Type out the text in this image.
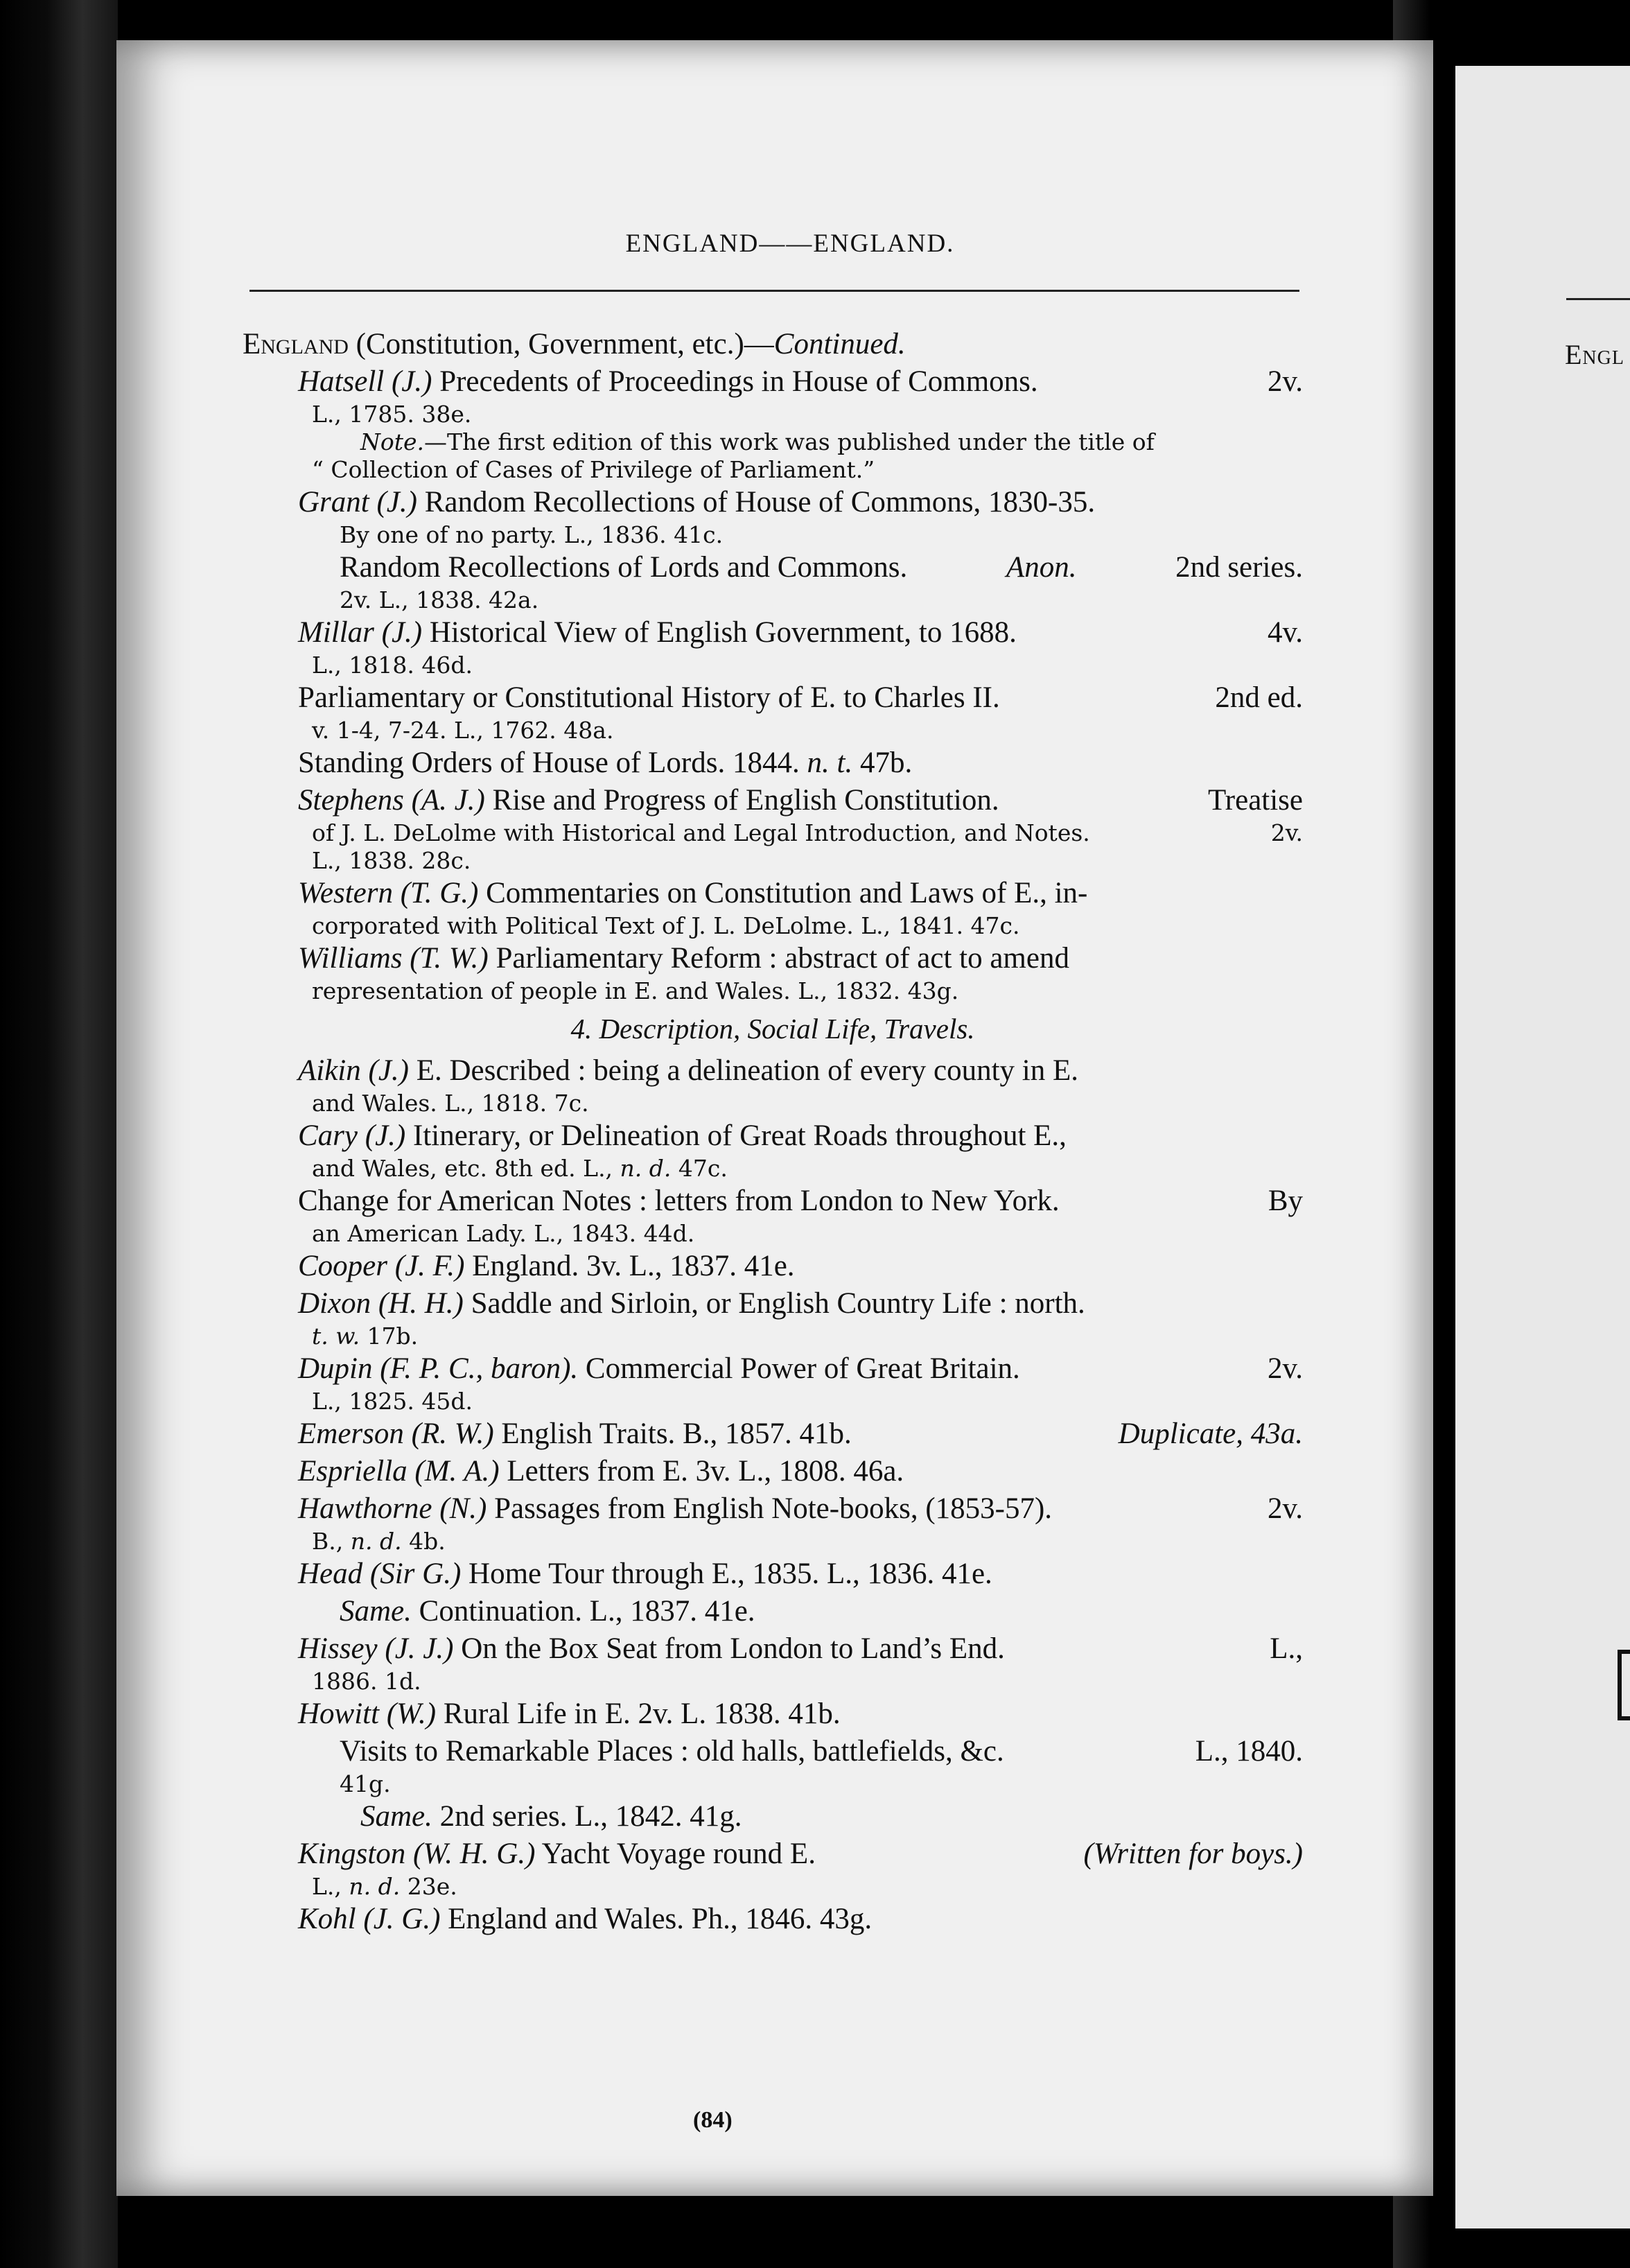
Engl
ENGLAND——ENGLAND.
England (Constitution, Government, etc.)—Continued.
Hatsell (J.) Precedents of Proceedings in House of Commons.	2v.
L., 1785. 38e.
Note.—The first edition of this work was published under the title of
“ Collection of Cases of Privilege of Parliament.”
Grant (J.) Random Recollections of House of Commons, 1830-35.
By one of no party. L., 1836. 41c.
Random Recollections of Lords and Commons.	Anon.	2nd series.
2v. L., 1838. 42a.
Millar (J.) Historical View of English Government, to 1688.	4v.
L., 1818. 46d.
Parliamentary or Constitutional History of E. to Charles II.	2nd ed.
v. 1-4, 7-24. L., 1762. 48a.
Standing Orders of House of Lords. 1844. n. t. 47b.
Stephens (A. J.) Rise and Progress of English Constitution.	Treatise
of J. L. DeLolme with Historical and Legal Introduction, and Notes.	2v.
L., 1838. 28c.
Western (T. G.) Commentaries on Constitution and Laws of E., in-
corporated with Political Text of J. L. DeLolme. L., 1841. 47c.
Williams (T. W.) Parliamentary Reform : abstract of act to amend
representation of people in E. and Wales. L., 1832. 43g.
4. Description, Social Life, Travels.
Aikin (J.) E. Described : being a delineation of every county in E.
and Wales. L., 1818. 7c.
Cary (J.) Itinerary, or Delineation of Great Roads throughout E.,
and Wales, etc. 8th ed. L., n. d. 47c.
Change for American Notes : letters from London to New York.	By
an American Lady. L., 1843. 44d.
Cooper (J. F.) England. 3v. L., 1837. 41e.
Dixon (H. H.) Saddle and Sirloin, or English Country Life : north.
t. w. 17b.
Dupin (F. P. C., baron). Commercial Power of Great Britain.	2v.
L., 1825. 45d.
Emerson (R. W.) English Traits. B., 1857. 41b.	Duplicate, 43a.
Espriella (M. A.) Letters from E. 3v. L., 1808. 46a.
Hawthorne (N.) Passages from English Note-books, (1853-57).	2v.
B., n. d. 4b.
Head (Sir G.) Home Tour through E., 1835. L., 1836. 41e.
Same. Continuation. L., 1837. 41e.
Hissey (J. J.) On the Box Seat from London to Land’s End.	L.,
1886. 1d.
Howitt (W.) Rural Life in E. 2v. L. 1838. 41b.
Visits to Remarkable Places : old halls, battlefields, &c.	L., 1840.
41g.
Same. 2nd series. L., 1842. 41g.
Kingston (W. H. G.) Yacht Voyage round E.	(Written for boys.)
L., n. d. 23e.
Kohl (J. G.) England and Wales. Ph., 1846. 43g.
(84)
